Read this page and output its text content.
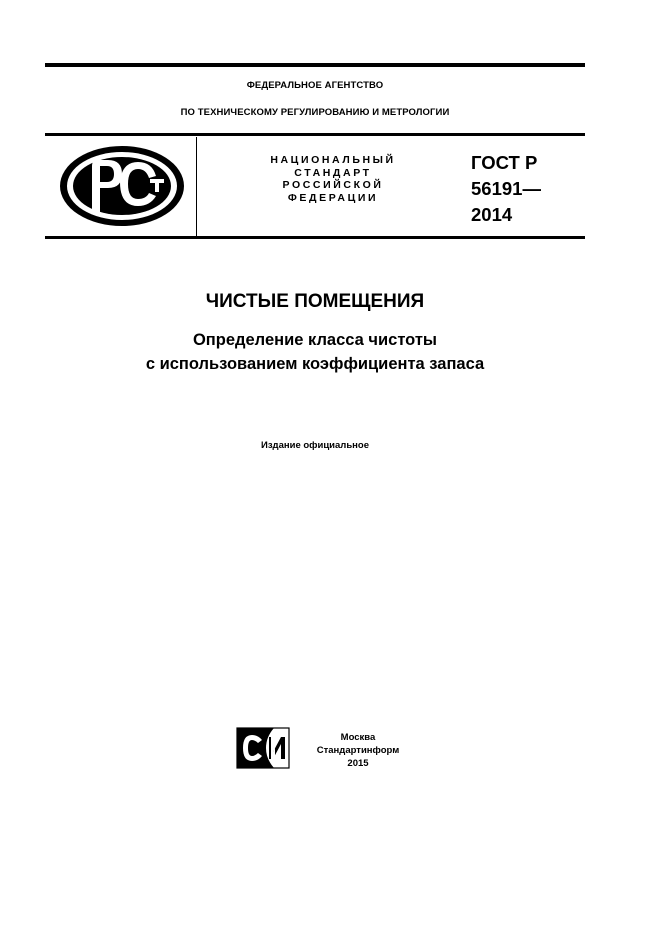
ФЕДЕРАЛЬНОЕ АГЕНТСТВО
ПО ТЕХНИЧЕСКОМУ РЕГУЛИРОВАНИЮ И МЕТРОЛОГИИ
НАЦИОНАЛЬНЫЙ
СТАНДАРТ
РОССИЙСКОЙ
ФЕДЕРАЦИИ
ГОСТ Р
56191—
2014
ЧИСТЫЕ ПОМЕЩЕНИЯ
Определение класса чистоты
с использованием коэффициента запаса
Издание официальное
Москва
Стандартинформ
2015
